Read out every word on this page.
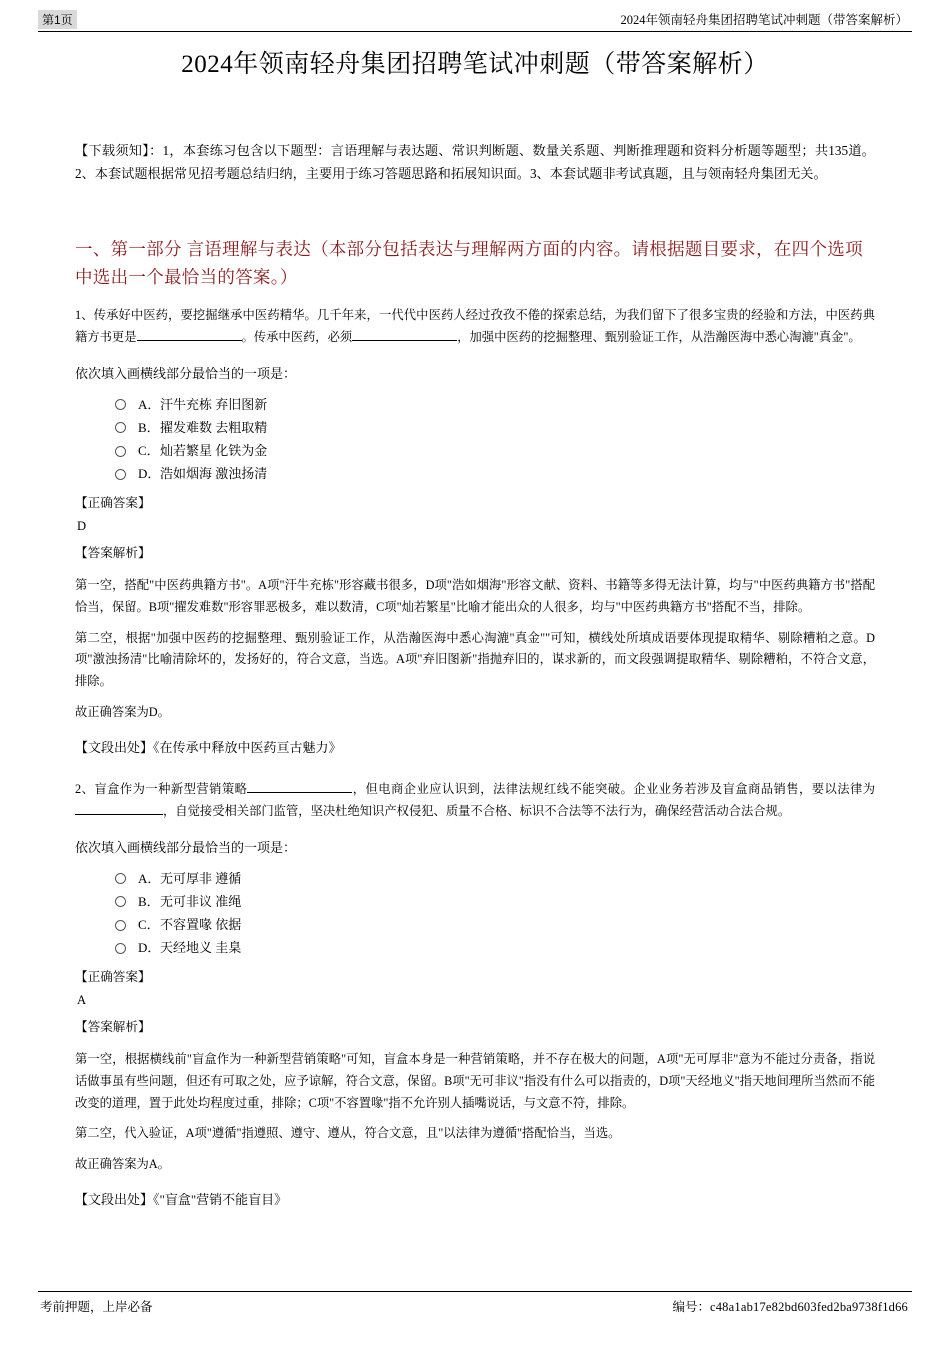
第1页	2024年领南轻舟集团招聘笔试冲刺题（带答案解析）
2024年领南轻舟集团招聘笔试冲刺题（带答案解析）
【下载须知】：1，本套练习包含以下题型：言语理解与表达题、常识判断题、数量关系题、判断推理题和资料分析题等题型；共135道。2、本套试题根据常见招考题总结归纳，主要用于练习答题思路和拓展知识面。3、本套试题非考试真题，且与领南轻舟集团无关。
一、第一部分 言语理解与表达（本部分包括表达与理解两方面的内容。请根据题目要求，在四个选项中选出一个最恰当的答案。）
1、传承好中医药，要挖掘继承中医药精华。几千年来，一代代中医药人经过孜孜不倦的探索总结，为我们留下了很多宝贵的经验和方法，中医药典籍方书更是	。传承中医药，必须	，加强中医药的挖掘整理、甄别验证工作，从浩瀚医海中悉心淘漉"真金"。
依次填入画横线部分最恰当的一项是：
A． 汗牛充栋 弃旧图新
B． 擢发难数 去粗取精
C． 灿若繁星 化铁为金
D． 浩如烟海 激浊扬清
【正确答案】
D
【答案解析】
第一空，搭配"中医药典籍方书"。A项"汗牛充栋"形容藏书很多，D项"浩如烟海"形容文献、资料、书籍等多得无法计算，均与"中医药典籍方书"搭配恰当，保留。B项"擢发难数"形容罪恶极多，难以数清，C项"灿若繁星"比喻才能出众的人很多，均与"中医药典籍方书"搭配不当，排除。
第二空，根据"加强中医药的挖掘整理、甄别验证工作，从浩瀚医海中悉心淘漉"真金""可知，横线处所填成语要体现提取精华、剔除糟粕之意。D项"激浊扬清"比喻清除坏的，发扬好的，符合文意，当选。A项"弃旧图新"指抛弃旧的，谋求新的，而文段强调提取精华、剔除糟粕，不符合文意，排除。
故正确答案为D。
【文段出处】《在传承中释放中医药亘古魅力》
2、盲盒作为一种新型营销策略	，但电商企业应认识到，法律法规红线不能突破。企业业务若涉及盲盒商品销售，要以法律为，自觉接受相关部门监管，坚决杜绝知识产权侵犯、质量不合格、标识不合法等不法行为，确保经营活动合法合规。
依次填入画横线部分最恰当的一项是：
A． 无可厚非 遵循
B． 无可非议 准绳
C． 不容置喙 依据
D． 天经地义 圭臬
【正确答案】
A
【答案解析】
第一空，根据横线前"盲盒作为一种新型营销策略"可知，盲盒本身是一种营销策略，并不存在极大的问题，A项"无可厚非"意为不能过分责备，指说话做事虽有些问题，但还有可取之处，应予谅解，符合文意，保留。B项"无可非议"指没有什么可以指责的，D项"天经地义"指天地间理所当然而不能改变的道理，置于此处均程度过重，排除；C项"不容置喙"指不允许别人插嘴说话，与文意不符，排除。
第二空，代入验证，A项"遵循"指遵照、遵守、遵从，符合文意，且"以法律为遵循"搭配恰当，当选。
故正确答案为A。
【文段出处】《"盲盒"营销不能盲目》
考前押题，上岸必备	编号：c48a1ab17e82bd603fed2ba9738f1d66
